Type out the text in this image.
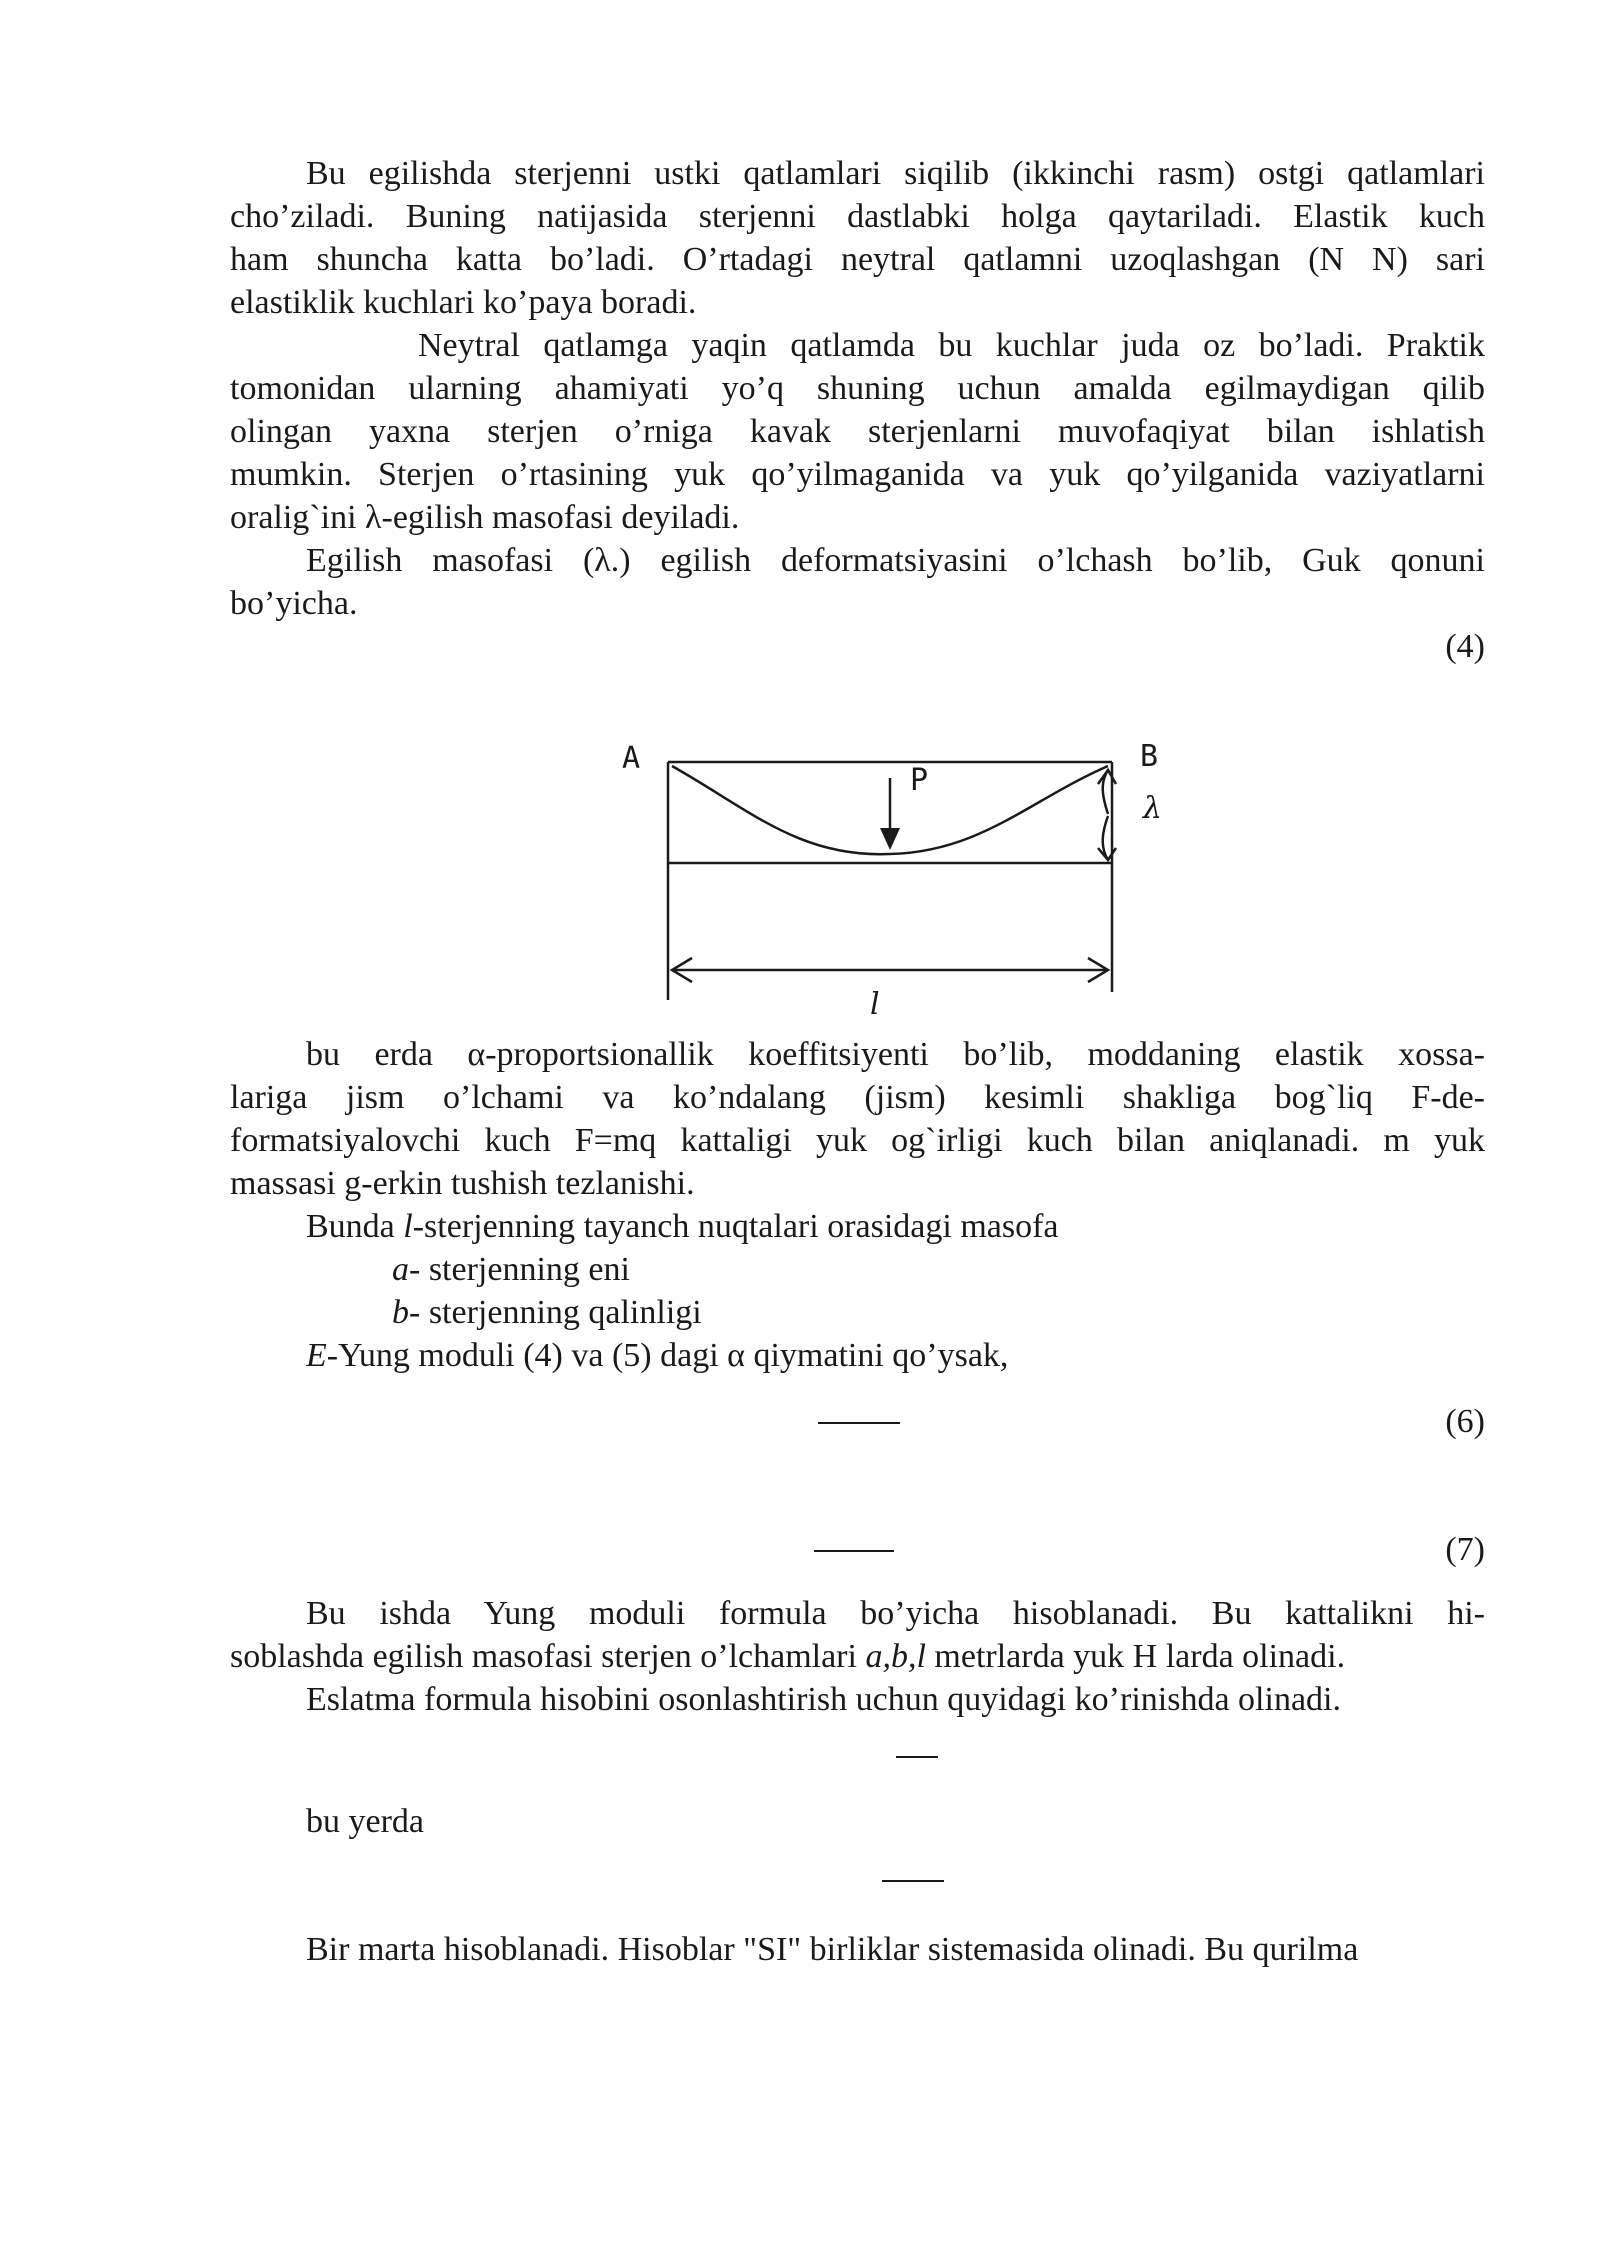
Bu egilishda sterjenni ustki qatlamlari siqilib (ikkinchi rasm) ostgi qatlamlari
cho’ziladi. Buning natijasida sterjenni dastlabki holga qaytariladi. Elastik kuch
ham shuncha katta bo’ladi. O’rtadagi neytral qatlamni uzoqlashgan (N N) sari
elastiklik kuchlari ko’paya boradi.
Neytral qatlamga yaqin qatlamda bu kuchlar juda oz bo’ladi. Praktik
tomonidan ularning ahamiyati yo’q shuning uchun amalda egilmaydigan qilib
olingan yaxna sterjen o’rniga kavak sterjenlarni muvofaqiyat bilan ishlatish
mumkin. Sterjen o’rtasining yuk qo’yilmaganida va yuk qo’yilganida vaziyatlarni
oralig`ini λ-egilish masofasi deyiladi.
Egilish masofasi (λ.) egilish deformatsiyasini o’lchash bo’lib, Guk qonuni
bo’yicha.
(4)
A	B
P
λ
l
bu erda α-proportsionallik koeffitsiyenti bo’lib, moddaning elastik xossa-
lariga jism o’lchami va ko’ndalang (jism) kesimli shakliga bog`liq F-de-
formatsiyalovchi kuch F=mq kattaligi yuk og`irligi kuch bilan aniqlanadi. m yuk
massasi g-erkin tushish tezlanishi.
Bunda l-sterjenning tayanch nuqtalari orasidagi masofa
a- sterjenning eni
b- sterjenning qalinligi
E-Yung moduli (4) va (5) dagi α qiymatini qo’ysak,
(6)
(7)
Bu ishda Yung moduli formula bo’yicha hisoblanadi. Bu kattalikni hi-
soblashda egilish masofasi sterjen o’lchamlari a,b,l metrlarda yuk H larda olinadi.
Eslatma formula hisobini osonlashtirish uchun quyidagi ko’rinishda olinadi.
bu yerda
Bir marta hisoblanadi. Hisoblar "SI" birliklar sistemasida olinadi. Bu qurilma
